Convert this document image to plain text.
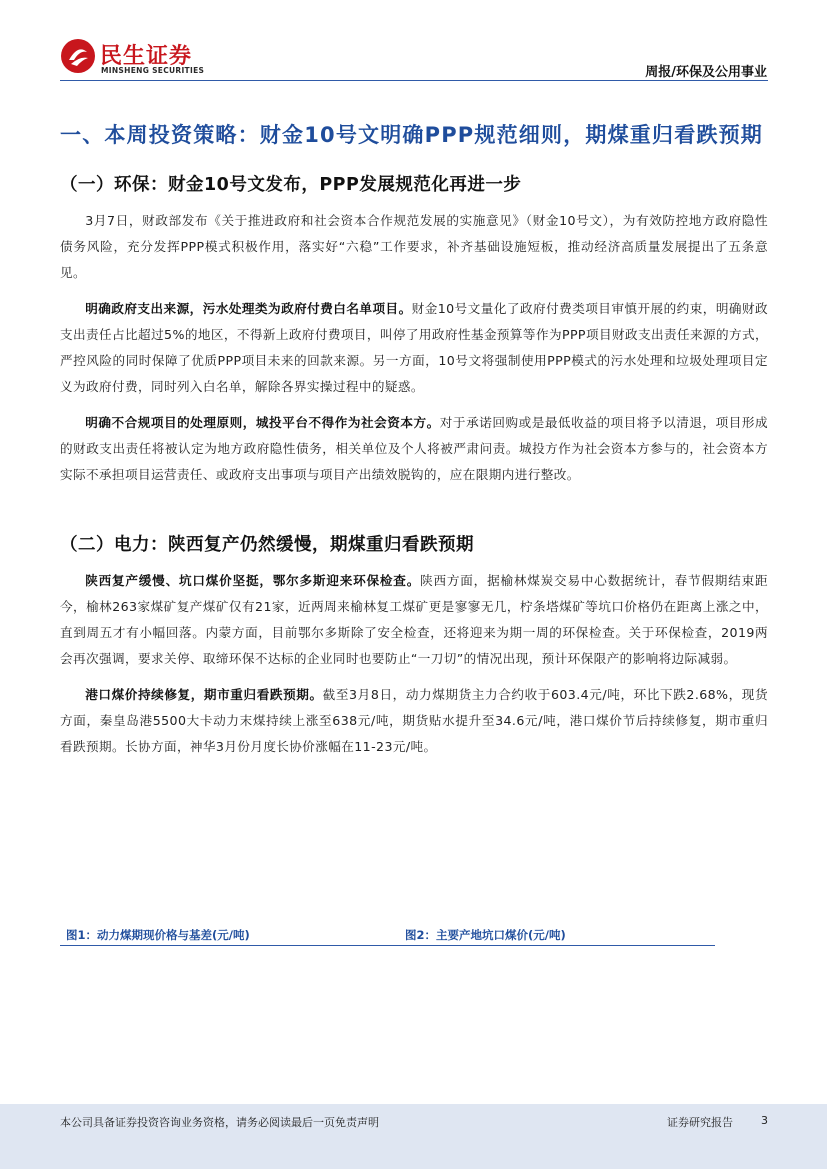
民生证券
MINSHENG SECURITIES	周报/环保及公用事业
一、本周投资策略：财金10号文明确PPP规范细则，期煤重归看跌预期
（一）环保：财金10号文发布，PPP发展规范化再进一步

3月7日，财政部发布《关于推进政府和社会资本合作规范发展的实施意见》（财金10号文），为有效防控地方政府隐性债务风险，充分发挥PPP模式积极作用，落实好“六稳”工作要求，补齐基础设施短板，推动经济高质量发展提出了五条意见。

明确政府支出来源，污水处理类为政府付费白名单项目。财金10号文量化了政府付费类项目审慎开展的约束，明确财政支出责任占比超过5%的地区，不得新上政府付费项目，叫停了用政府性基金预算等作为PPP项目财政支出责任来源的方式，严控风险的同时保障了优质PPP项目未来的回款来源。另一方面，10号文将强制使用PPP模式的污水处理和垃圾处理项目定义为政府付费，同时列入白名单，解除各界实操过程中的疑惑。

明确不合规项目的处理原则，城投平台不得作为社会资本方。对于承诺回购或是最低收益的项目将予以清退，项目形成的财政支出责任将被认定为地方政府隐性债务，相关单位及个人将被严肃问责。城投方作为社会资本方参与的，社会资本方实际不承担项目运营责任、或政府支出事项与项目产出绩效脱钩的，应在限期内进行整改。

（二）电力：陕西复产仍然缓慢，期煤重归看跌预期

陕西复产缓慢、坑口煤价坚挺，鄂尔多斯迎来环保检查。陕西方面，据榆林煤炭交易中心数据统计，春节假期结束距今，榆林263家煤矿复产煤矿仅有21家，近两周来榆林复工煤矿更是寥寥无几，柠条塔煤矿等坑口价格仍在距离上涨之中，直到周五才有小幅回落。内蒙方面，目前鄂尔多斯除了安全检查，还将迎来为期一周的环保检查。关于环保检查，2019两会再次强调，要求关停、取缔环保不达标的企业同时也要防止“一刀切”的情况出现，预计环保限产的影响将边际减弱。

港口煤价持续修复，期市重归看跌预期。截至3月8日，动力煤期货主力合约收于603.4元/吨，环比下跌2.68%，现货方面，秦皇岛港5500大卡动力末煤持续上涨至638元/吨，期货贴水提升至34.6元/吨，港口煤价节后持续修复，期市重归看跌预期。长协方面，神华3月份月度长协价涨幅在11-23元/吨。

图1：动力煤期现价格与基差(元/吨)	图2：主要产地坑口煤价(元/吨)
本公司具备证券投资咨询业务资格，请务必阅读最后一页免责声明	证券研究报告	3
